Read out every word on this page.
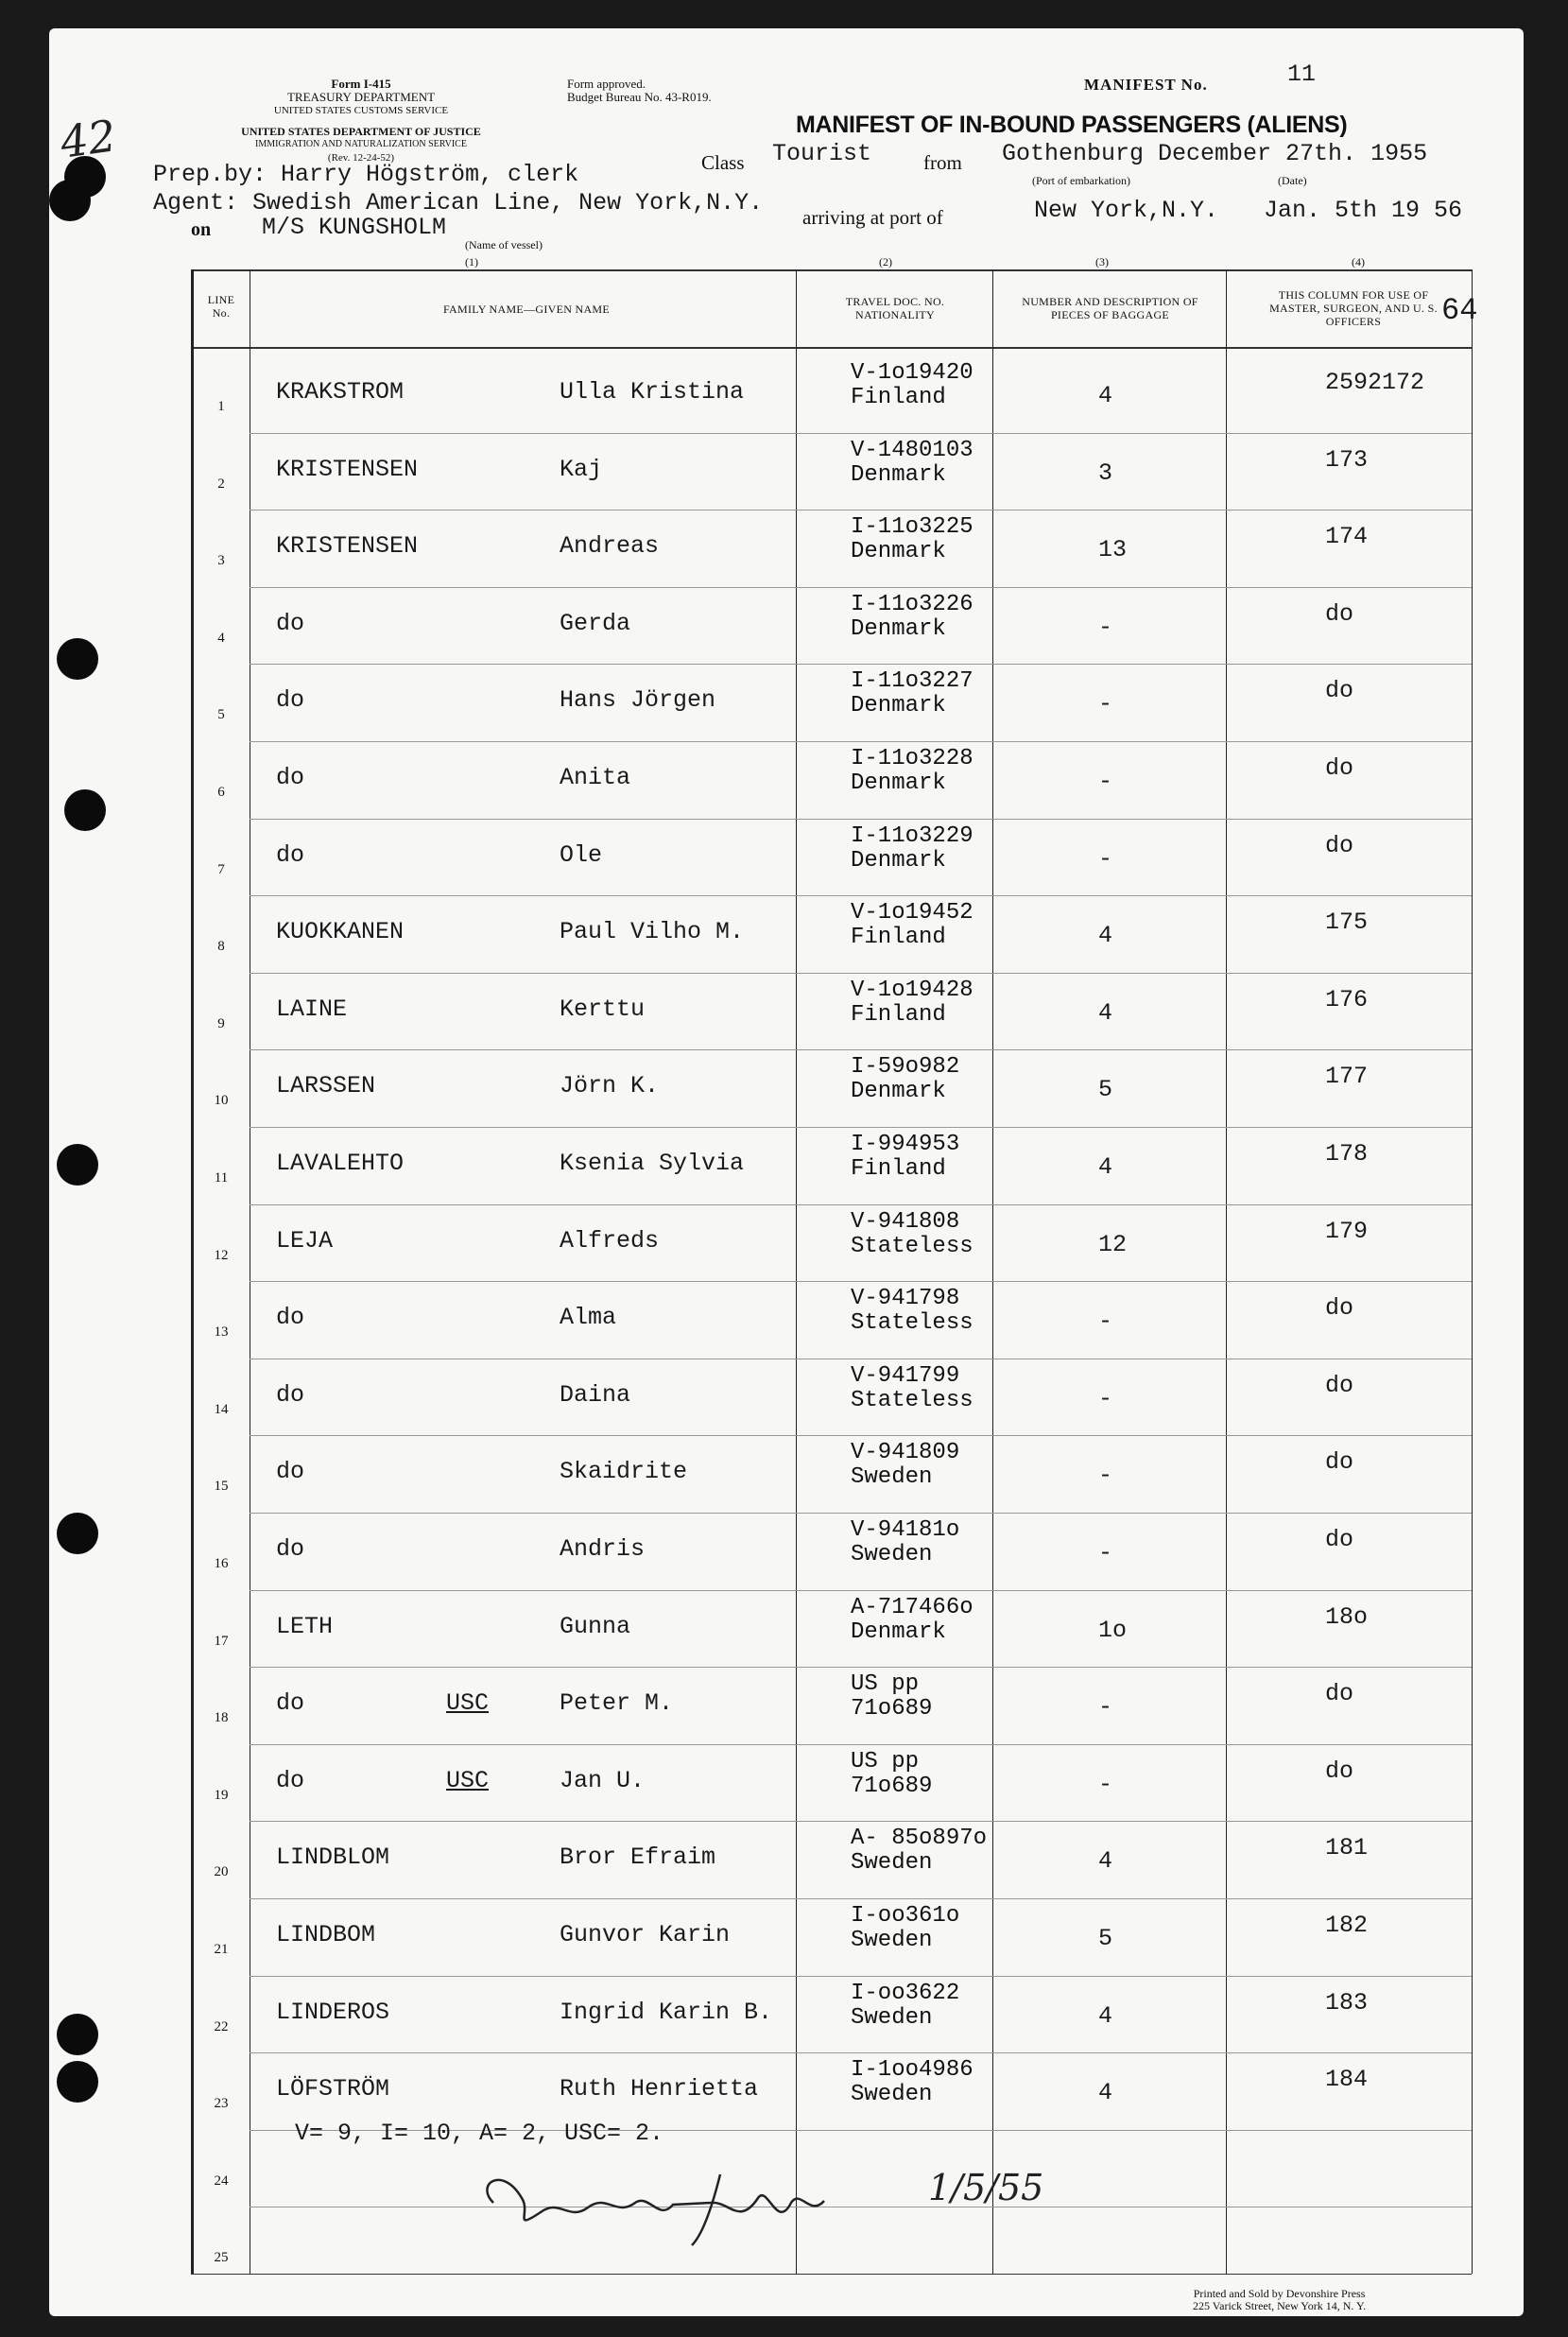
42
Form I-415
TREASURY DEPARTMENT
UNITED STATES CUSTOMS SERVICE
UNITED STATES DEPARTMENT OF JUSTICE
IMMIGRATION AND NATURALIZATION SERVICE
(Rev. 12-24-52)
Form approved.
Budget Bureau No. 43-R019.
MANIFEST No.	11
MANIFEST OF IN-BOUND PASSENGERS (ALIENS)
Class Tourist	from Gothenburg December 27th. 1955
(Port of embarkation)	(Date)
Prep.by: Harry Högström, clerk
Agent: Swedish American Line, New York,N.Y.
on M/S KUNGSHOLM
(Name of vessel)
arriving at port of	New York,N.Y. Jan. 5th 19 56
(1)	(2)	(3)	(4)
64
LINE No.	FAMILY NAME—GIVEN NAME
TRAVEL DOC. NO. NATIONALITY
NUMBER AND DESCRIPTION OF PIECES OF BAGGAGE
THIS COLUMN FOR USE OF MASTER, SURGEON, AND U. S. OFFICERS
1
KRAKSTROM	Ulla Kristina
V-1o19420
Finland	4	2592172
2
KRISTENSEN	Kaj
V-1480103
Denmark	3	173
3
KRISTENSEN	Andreas
I-11o3225
Denmark	13	174
4
do	Gerda
I-11o3226
Denmark	-	do
5
do	Hans Jörgen
I-11o3227
Denmark	-	do
6
do	Anita
I-11o3228
Denmark	-	do
7
do	Ole
I-11o3229
Denmark	-	do
8
KUOKKANEN	Paul Vilho M.
V-1o19452
Finland	4	175
9
LAINE	Kerttu
V-1o19428
Finland	4	176
10
LARSSEN	Jörn K.
I-59o982
Denmark	5	177
11
LAVALEHTO	Ksenia Sylvia
I-994953
Finland	4	178
12
LEJA	Alfreds
V-941808
Stateless	12	179
13
do	Alma
V-941798
Stateless	-	do
14
do	Daina
V-941799
Stateless	-	do
15
do	Skaidrite
V-941809
Sweden	-	do
16
do	Andris
V-94181o
Sweden	-	do
17
LETH	Gunna
A-717466o
Denmark	1o	18o
18
do	USC	Peter M.
US pp
71o689	-	do
19
do	USC	Jan U.
US pp
71o689	-	do
20
LINDBLOM	Bror Efraim
A- 85o897o
Sweden	4	181
21
LINDBOM	Gunvor Karin
I-oo361o
Sweden	5	182
22
LINDEROS	Ingrid Karin B.
I-oo3622
Sweden	4	183
23
LÖFSTRÖM	Ruth Henrietta
I-1oo4986
Sweden	4	184
24
25
V= 9, I= 10, A= 2, USC= 2.
1/5/55
Printed and Sold by Devonshire Press
225 Varick Street, New York 14, N. Y.
